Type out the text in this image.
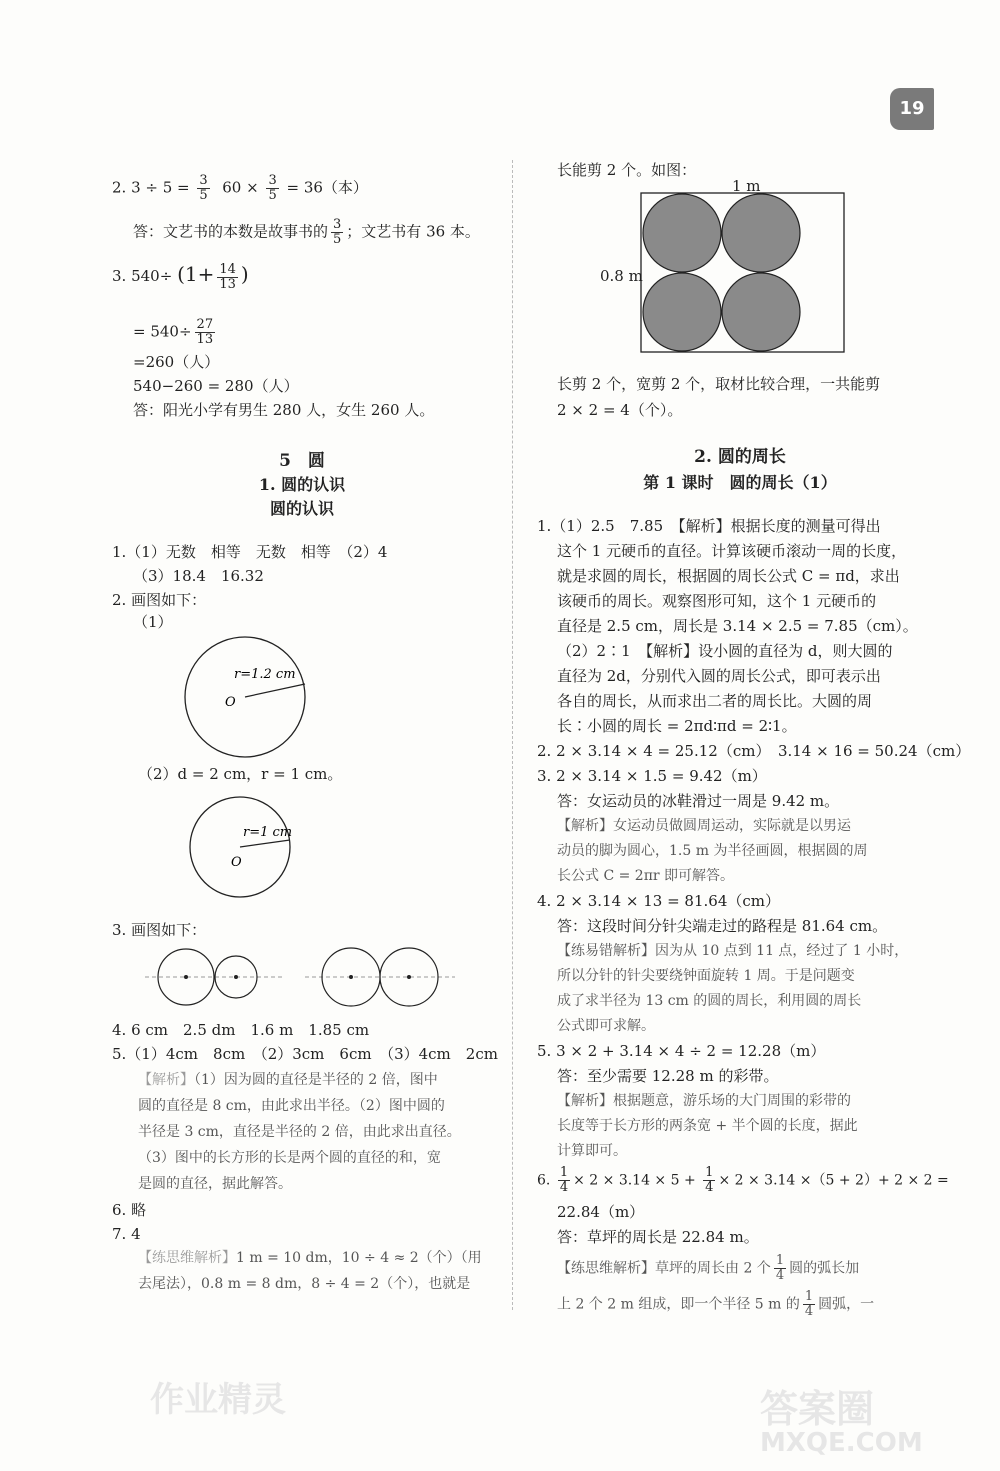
19
2. $3 \div 5 = \frac{3}{5} 60 \times \frac{3}{5} = 36$（本）
答：文艺书的本数是故事书的 $\frac{3}{5}$ ；文艺书有 36 本。
3. $540\div (1+ \frac{14}{13}$ )
= $540\div \frac{27}{13}$
=260（人）
540−260 = 280（人）
答：阳光小学有男生 280 人，女生 260 人。
5　圆
1. 圆的认识
圆的认识
1.（1）无数　相等　无数　相等　（2）4
（3）18.4　16.32
2. 画图如下：
（1）
r=1.2 cm
O
（2）d = 2 cm，r = 1 cm。
r=1 cm
O
3. 画图如下：
4. 6 cm　2.5 dm　1.6 m　1.85 cm
5.（1）4cm　8cm　（2）3cm　6cm　（3）4cm　2cm
【解析】（1）因为圆的直径是半径的 2 倍，图中
圆的直径是 8 cm，由此求出半径。（2）图中圆的
半径是 3 cm，直径是半径的 2 倍，由此求出直径。
（3）图中的长方形的长是两个圆的直径的和，宽
是圆的直径，据此解答。
6. 略
7. 4
【练思维解析】1 m = 10 dm，10 ÷ 4 ≈ 2（个）（用
去尾法），0.8 m = 8 dm，8 ÷ 4 = 2（个），也就是
长能剪 2 个。如图：
1 m
0.8 m
长剪 2 个，宽剪 2 个，取材比较合理，一共能剪
2 × 2 = 4（个）。
2. 圆的周长
第 1 课时　圆的周长（1）
1.（1）2.5　7.85　【解析】根据长度的测量可得出
这个 1 元硬币的直径。计算该硬币滚动一周的长度，
就是求圆的周长，根据圆的周长公式 C = πd，求出
该硬币的周长。观察图形可知，这个 1 元硬币的
直径是 2.5 cm，周长是 3.14 × 2.5 = 7.85（cm）。
（2）2∶1　【解析】设小圆的直径为 d，则大圆的
直径为 2d，分别代入圆的周长公式，即可表示出
各自的周长，从而求出二者的周长比。大圆的周
长∶小圆的周长 = 2πd∶πd = 2∶1。
2. 2 × 3.14 × 4 = 25.12（cm）　3.14 × 16 = 50.24（cm）
3. 2 × 3.14 × 1.5 = 9.42（m）
答：女运动员的冰鞋滑过一周是 9.42 m。
【解析】女运动员做圆周运动，实际就是以男运
动员的脚为圆心，1.5 m 为半径画圆，根据圆的周
长公式 C = 2πr 即可解答。
4. 2 × 3.14 × 13 = 81.64（cm）
答：这段时间分针尖端走过的路程是 81.64 cm。
【练易错解析】因为从 10 点到 11 点，经过了 1 小时，
所以分针的针尖要绕钟面旋转 1 周。于是问题变
成了求半径为 13 cm 的圆的周长，利用圆的周长
公式即可求解。
5. 3 × 2 + 3.14 × 4 ÷ 2 = 12.28（m）
答：至少需要 12.28 m 的彩带。
【解析】根据题意，游乐场的大门周围的彩带的
长度等于长方形的两条宽 + 半个圆的长度，据此
计算即可。
6. $\frac{1}{4} \times 2 \times 3.14 \times 5 + \frac{1}{4} \times 2 \times 3.14 \times(5 + 2)+ 2 \times 2$ =
22.84（m）
答：草坪的周长是 22.84 m。
【练思维解析】草坪的周长由 2 个 $\frac{1}{4}$ 圆的弧长加
上 2 个 2 m 组成，即一个半径 5 m 的 $\frac{1}{4}$ 圆弧，一
作业精灵	答案圈
MXQE.COM
